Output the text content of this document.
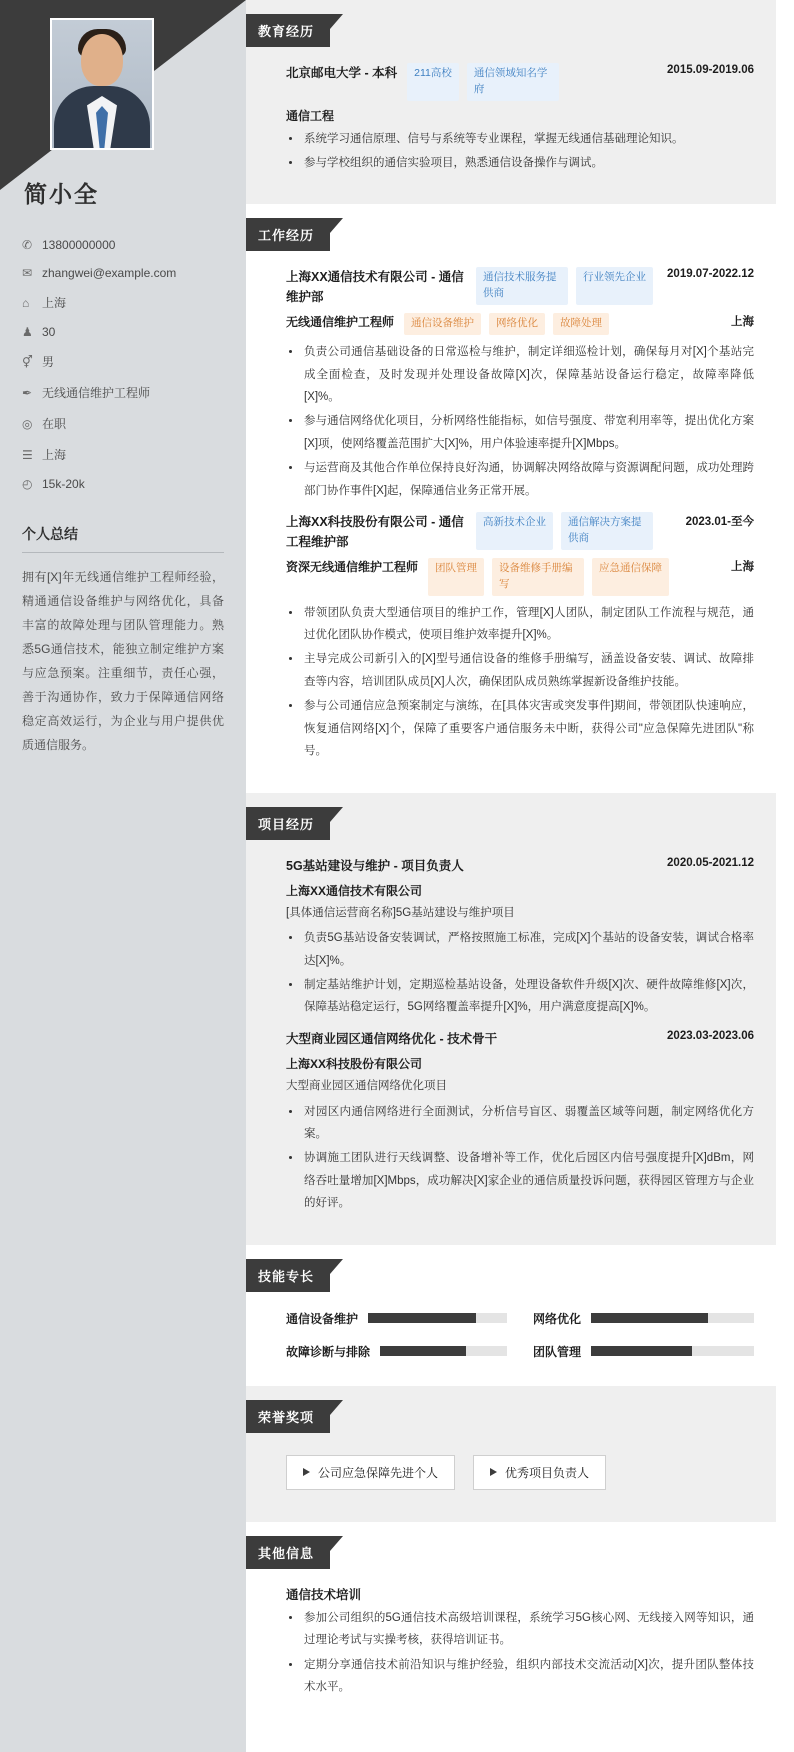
简小全
✆ 13800000000
✉ zhangwei@example.com
⌂	上海
♟ 30
⚥ 男
✒ 无线通信维护工程师
◎ 在职
☰ 上海
◴ 15k-20k
个人总结
拥有[X]年无线通信维护工程师经验，精通通信设备维护与网络优化，具备丰富的故障处理与团队管理能力。熟悉5G通信技术，能独立制定维护方案与应急预案。注重细节，责任心强，善于沟通协作，致力于保障通信网络稳定高效运行，为企业与用户提供优质通信服务。
教育经历
北京邮电大学 - 本科	211高校	通信领域知名学府
2015.09-2019.06
通信工程
• 系统学习通信原理、信号与系统等专业课程，掌握无线通信基础理论知识。
• 参与学校组织的通信实验项目，熟悉通信设备操作与调试。
工作经历
上海XX通信技术有限公司 - 通信维护部
通信技术服务提供商
行业领先企业	2019.07-2022.12
无线通信维护工程师	通信设备维护	网络优化	故障处理	上海
• 负责公司通信基础设备的日常巡检与维护，制定详细巡检计划，确保每月对[X]个基站完成全面检查，及时发现并处理设备故障[X]次，保障基站设备运行稳定，故障率降低[X]%。
• 参与通信网络优化项目，分析网络性能指标，如信号强度、带宽利用率等，提出优化方案[X]项，使网络覆盖范围扩大[X]%，用户体验速率提升[X]Mbps。
• 与运营商及其他合作单位保持良好沟通，协调解决网络故障与资源调配问题，成功处理跨部门协作事件[X]起，保障通信业务正常开展。
上海XX科技股份有限公司 - 通信工程维护部
高新技术企业	通信解决方案提供商
2023.01-至今
资深无线通信维护工程师	团队管理	设备维修手册编写
应急通信保障	上海
• 带领团队负责大型通信项目的维护工作，管理[X]人团队，制定团队工作流程与规范，通过优化团队协作模式，使项目维护效率提升[X]%。
• 主导完成公司新引入的[X]型号通信设备的维修手册编写，涵盖设备安装、调试、故障排查等内容，培训团队成员[X]人次，确保团队成员熟练掌握新设备维护技能。
• 参与公司通信应急预案制定与演练，在[具体灾害或突发事件]期间，带领团队快速响应，恢复通信网络[X]个，保障了重要客户通信服务未中断，获得公司"应急保障先进团队"称号。
项目经历
5G基站建设与维护 - 项目负责人	2020.05-2021.12
上海XX通信技术有限公司
[具体通信运营商名称]5G基站建设与维护项目
• 负责5G基站设备安装调试，严格按照施工标准，完成[X]个基站的设备安装，调试合格率达[X]%。
• 制定基站维护计划，定期巡检基站设备，处理设备软件升级[X]次、硬件故障维修[X]次，保障基站稳定运行，5G网络覆盖率提升[X]%，用户满意度提高[X]%。
大型商业园区通信网络优化 - 技术骨干	2023.03-2023.06
上海XX科技股份有限公司
大型商业园区通信网络优化项目
• 对园区内通信网络进行全面测试，分析信号盲区、弱覆盖区域等问题，制定网络优化方案。
• 协调施工团队进行天线调整、设备增补等工作，优化后园区内信号强度提升[X]dBm，网络吞吐量增加[X]Mbps，成功解决[X]家企业的通信质量投诉问题，获得园区管理方与企业的好评。
技能专长
通信设备维护	网络优化
故障诊断与排除	团队管理
荣誉奖项
公司应急保障先进个人	优秀项目负责人
其他信息
通信技术培训
• 参加公司组织的5G通信技术高级培训课程，系统学习5G核心网、无线接入网等知识，通过理论考试与实操考核，获得培训证书。
• 定期分享通信技术前沿知识与维护经验，组织内部技术交流活动[X]次，提升团队整体技术水平。
